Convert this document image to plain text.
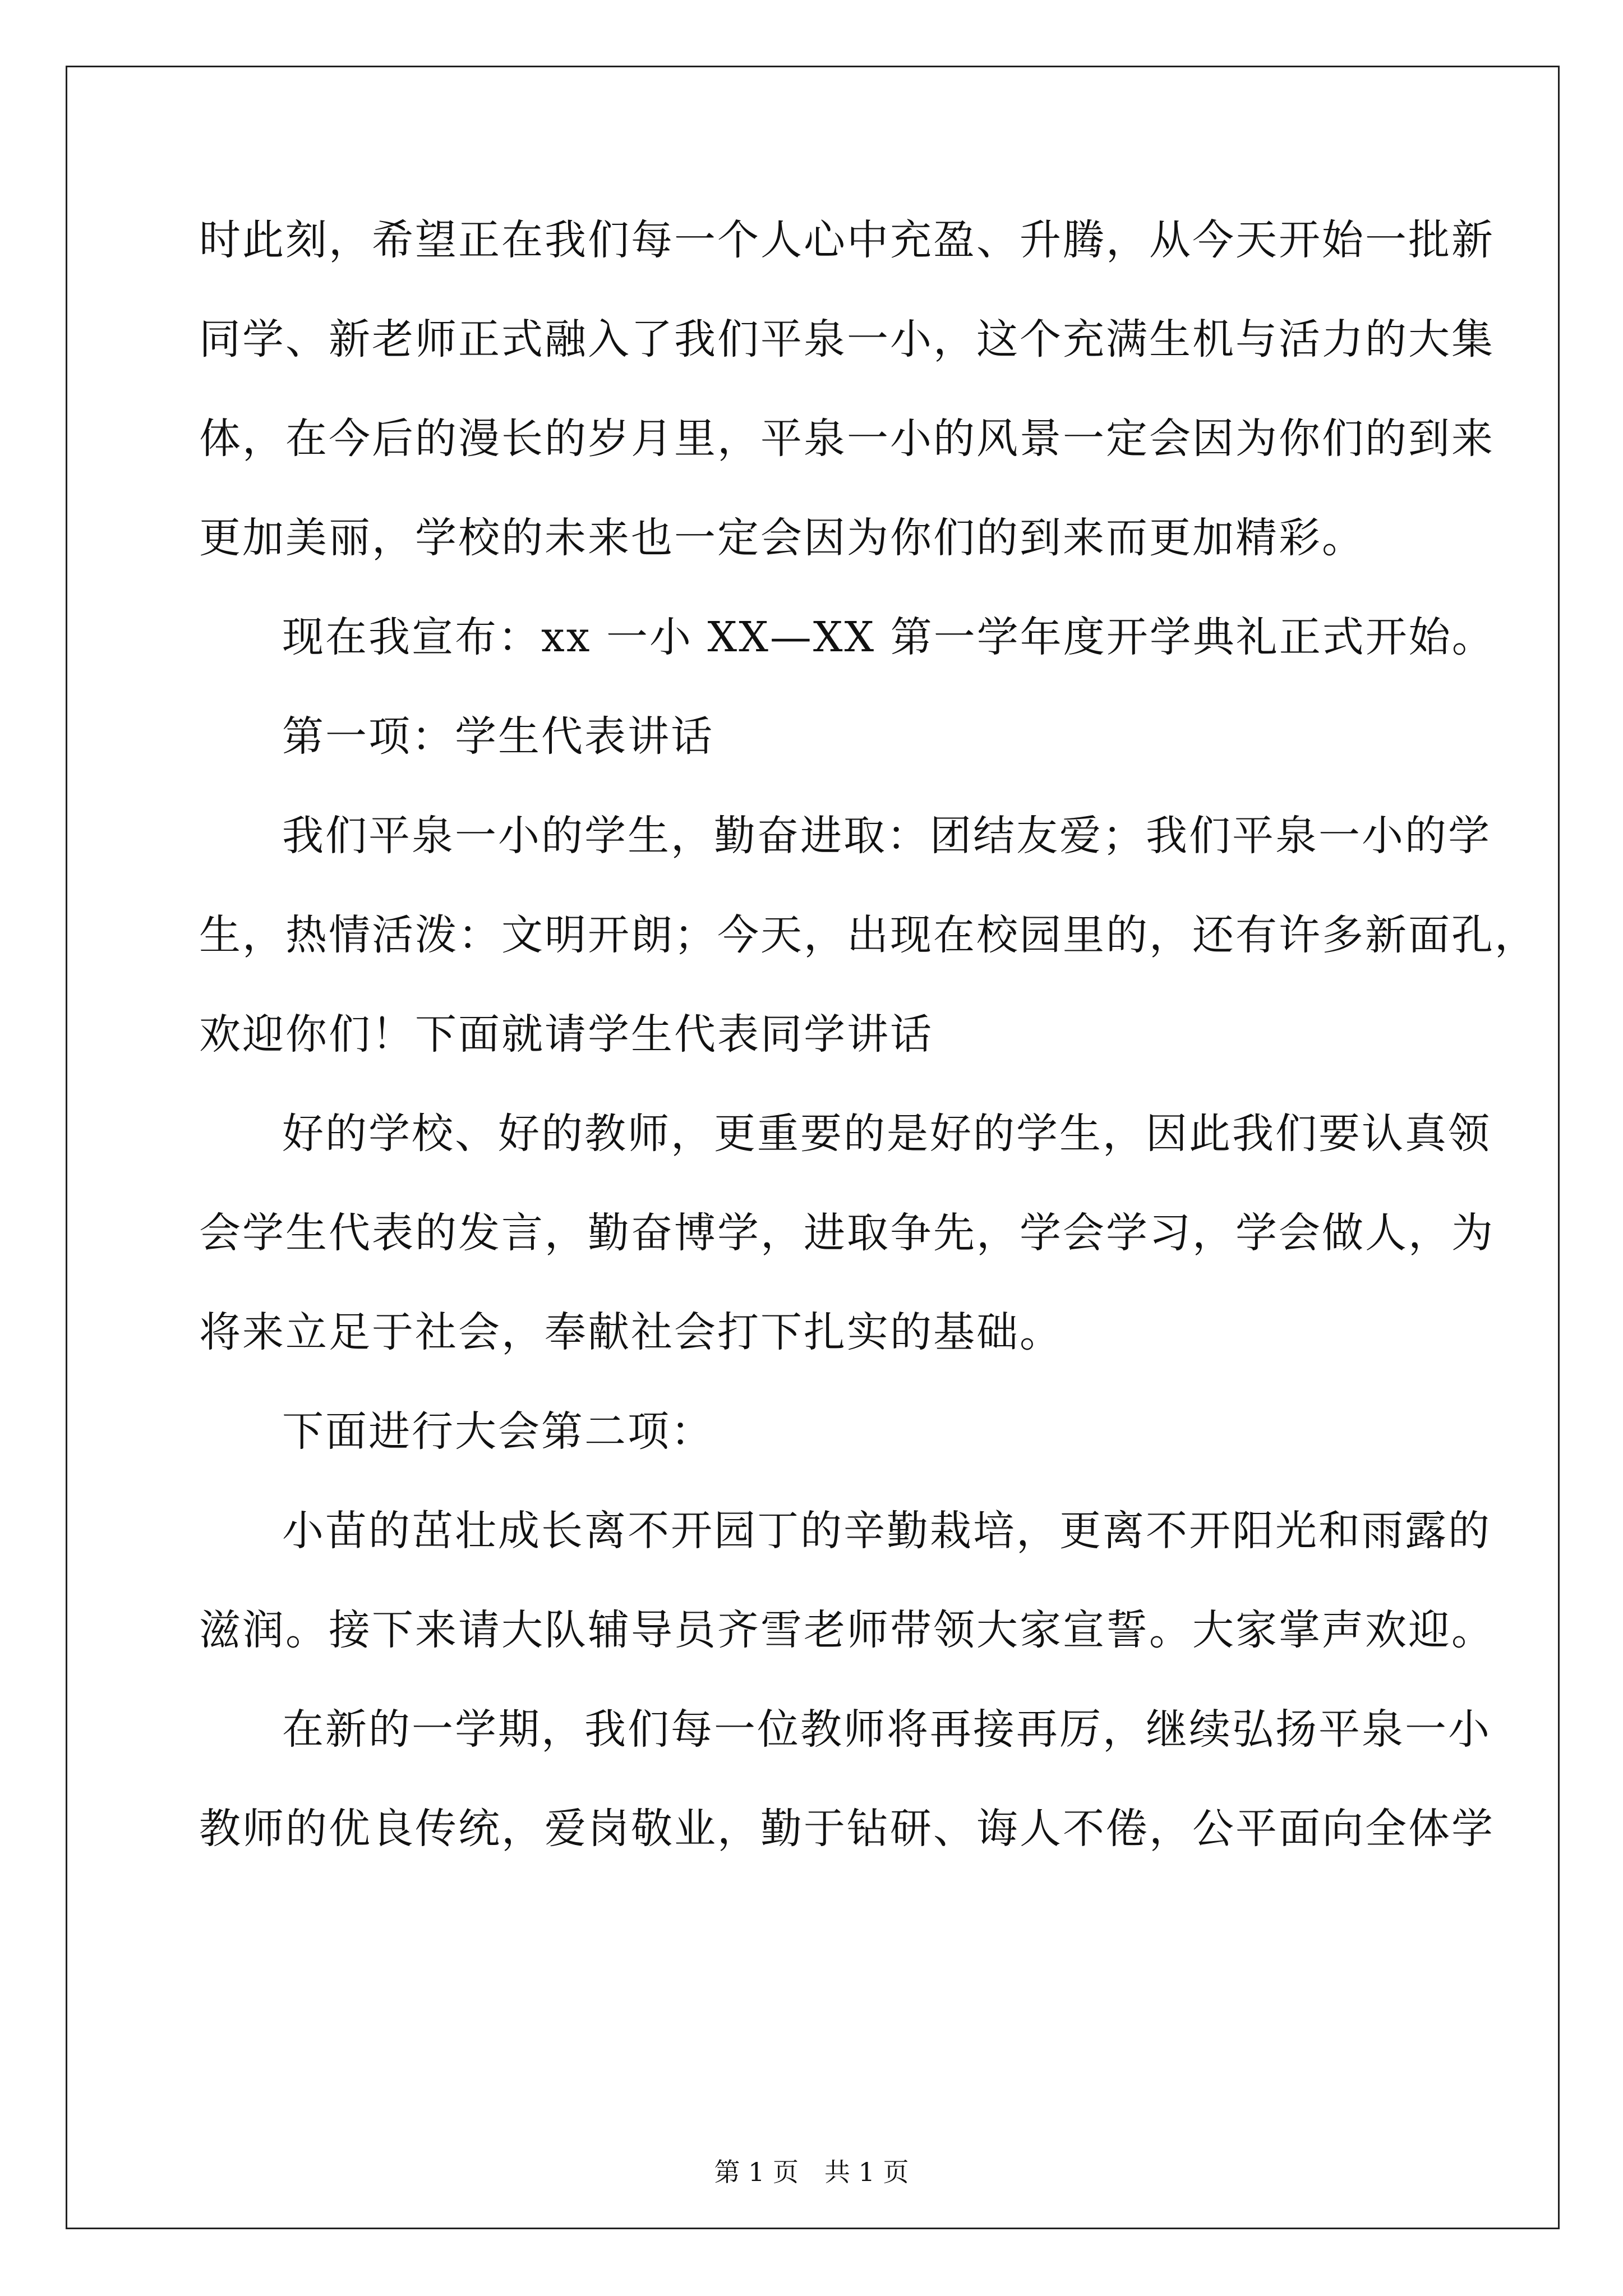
时此刻，希望正在我们每一个人心中充盈、升腾，从今天开始一批新

同学、新老师正式融入了我们平泉一小，这个充满生机与活力的大集

体，在今后的漫长的岁月里，平泉一小的风景一定会因为你们的到来

更加美丽，学校的未来也一定会因为你们的到来而更加精彩。

现在我宣布：xx 一小 XX—XX 第一学年度开学典礼正式开始。

第一项：学生代表讲话

我们平泉一小的学生，勤奋进取：团结友爱；我们平泉一小的学

生，热情活泼：文明开朗；今天，出现在校园里的，还有许多新面孔，

欢迎你们！下面就请学生代表同学讲话

好的学校、好的教师，更重要的是好的学生，因此我们要认真领

会学生代表的发言，勤奋博学，进取争先，学会学习，学会做人，为

将来立足于社会，奉献社会打下扎实的基础。

下面进行大会第二项：

小苗的茁壮成长离不开园丁的辛勤栽培，更离不开阳光和雨露的

滋润。接下来请大队辅导员齐雪老师带领大家宣誓。大家掌声欢迎。

在新的一学期，我们每一位教师将再接再厉，继续弘扬平泉一小

教师的优良传统，爱岗敬业，勤于钻研、诲人不倦，公平面向全体学

第 1 页 共 1 页
